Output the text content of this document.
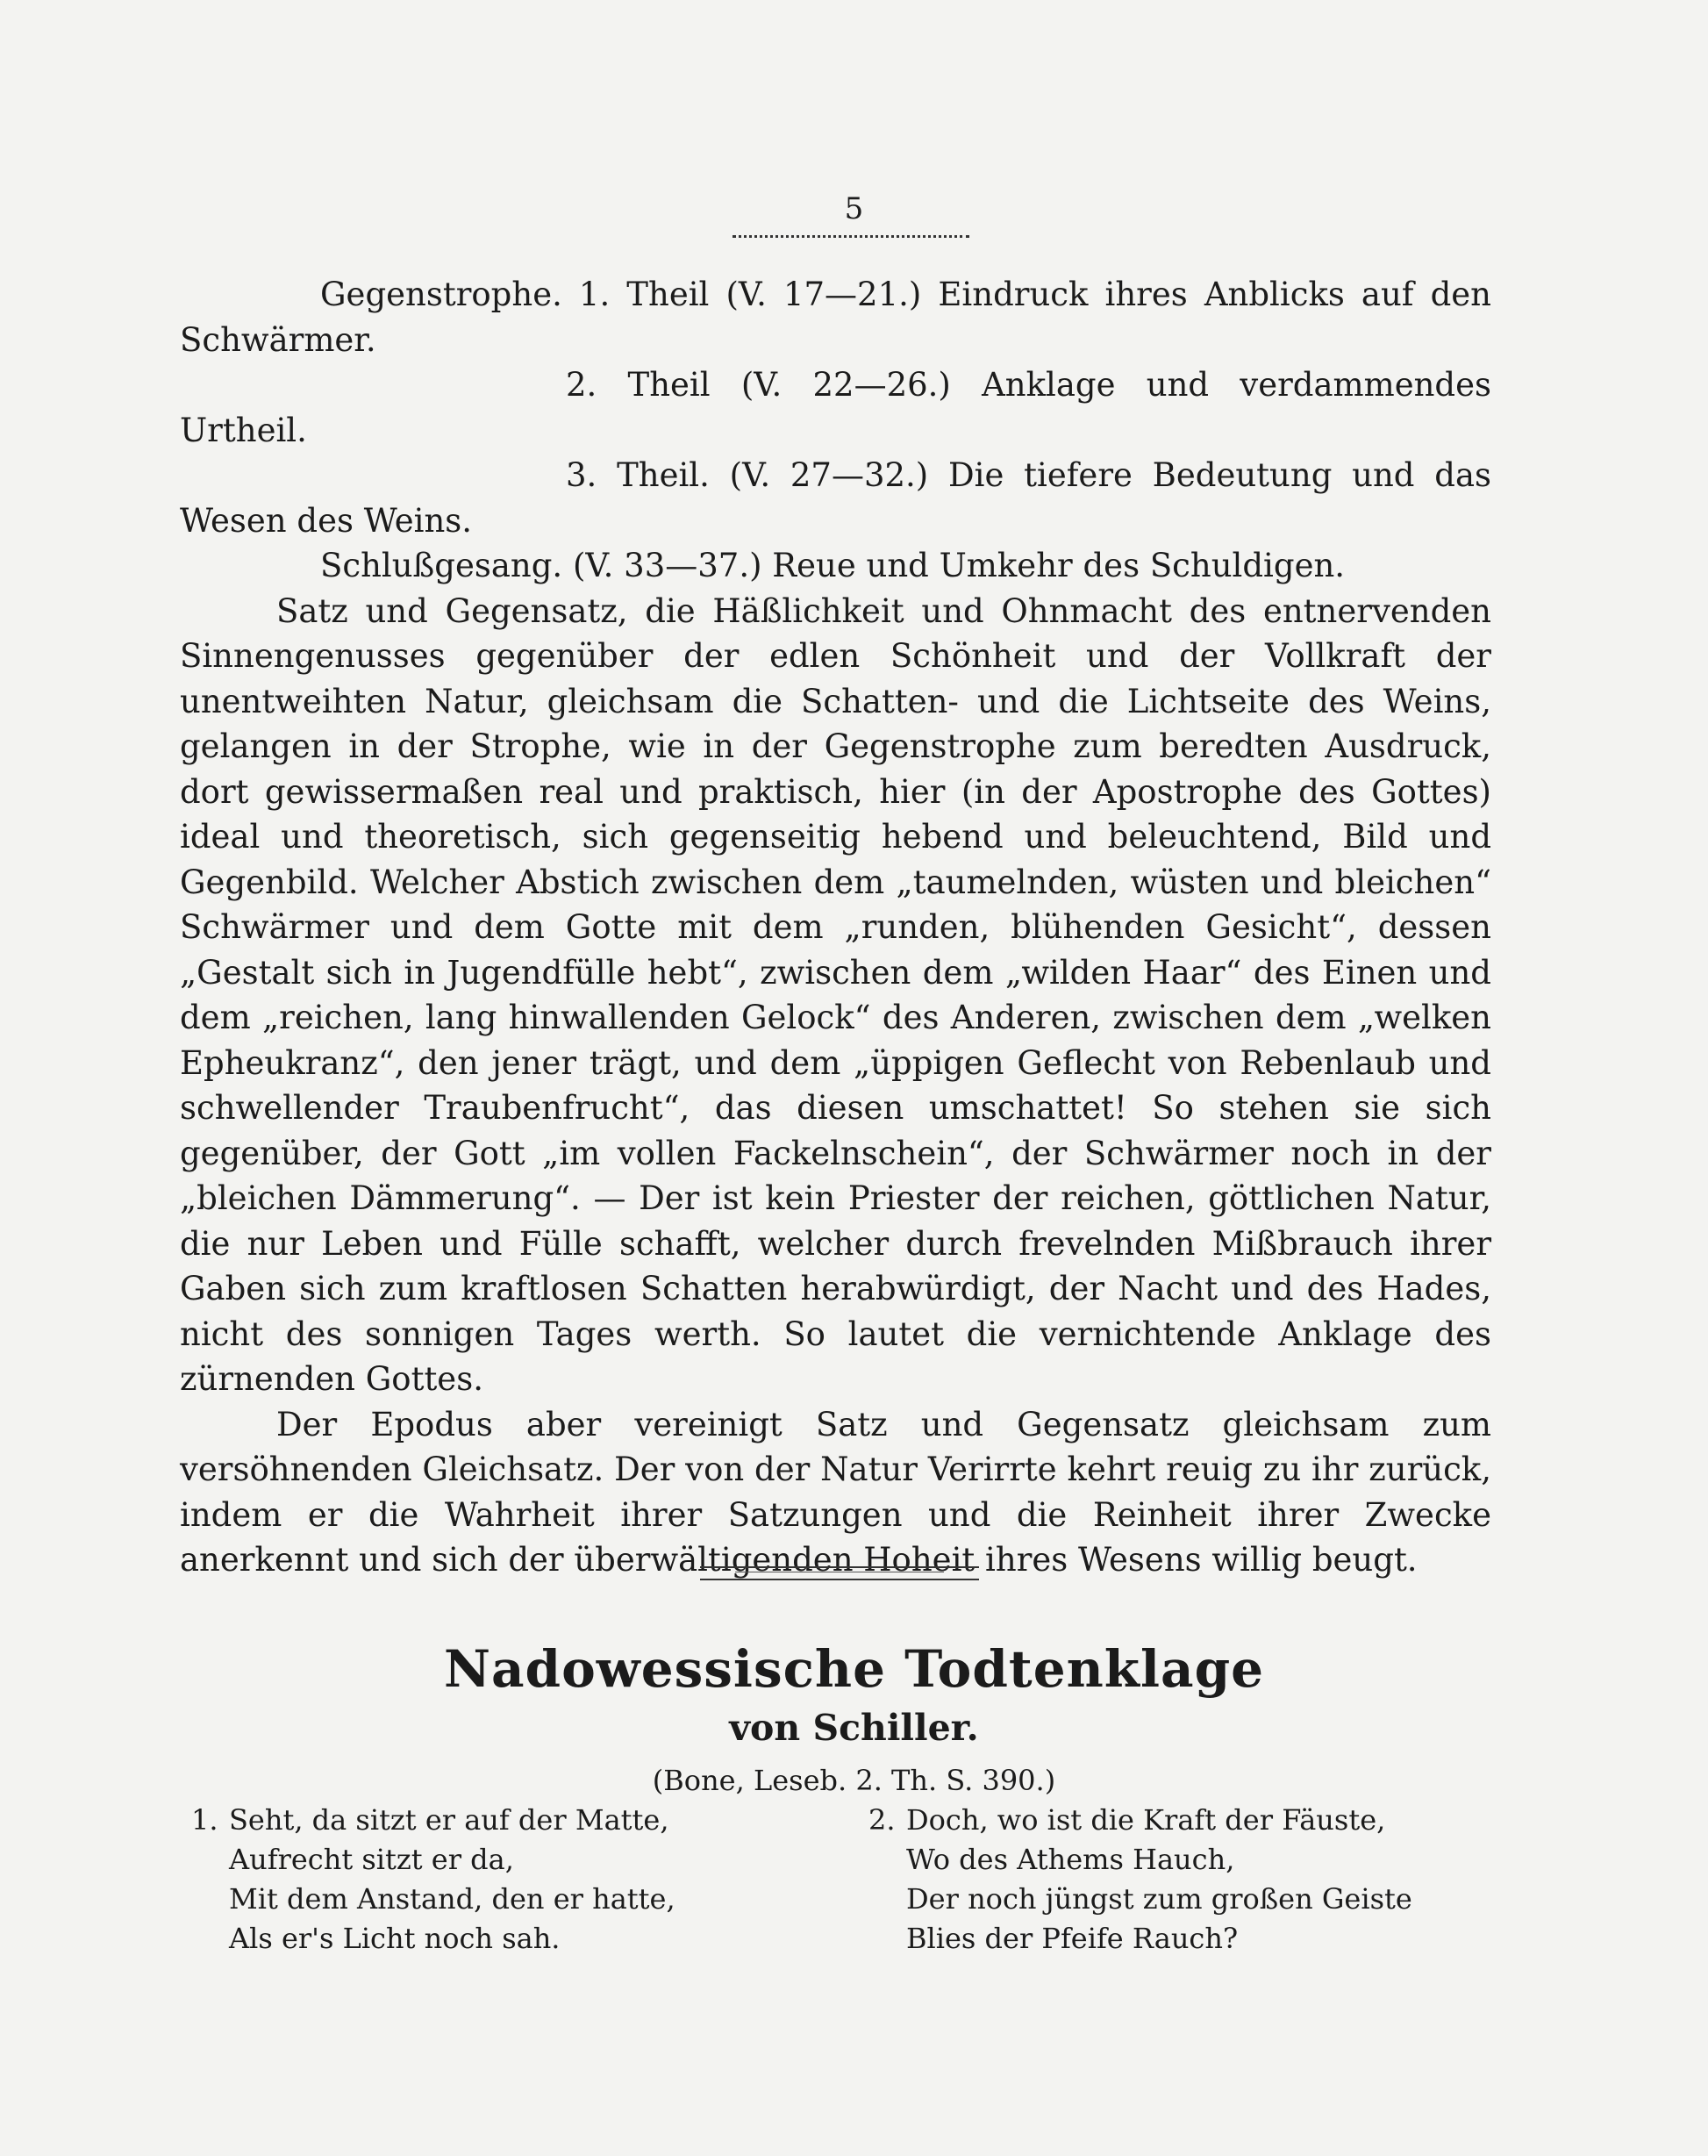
5

Gegenstrophe. 1. Theil (V. 17—21.) Eindruck ihres Anblicks auf den Schwärmer.

2. Theil (V. 22—26.) Anklage und verdammendes Urtheil.

3. Theil. (V. 27—32.) Die tiefere Bedeutung und das Wesen des Weins.

Schlußgesang. (V. 33—37.) Reue und Umkehr des Schuldigen.

Satz und Gegensatz, die Häßlichkeit und Ohnmacht des entnervenden Sinnengenusses gegenüber der edlen Schönheit und der Vollkraft der unentweihten Natur, gleichsam die Schatten- und die Lichtseite des Weins, gelangen in der Strophe, wie in der Gegenstrophe zum beredten Ausdruck, dort gewissermaßen real und praktisch, hier (in der Apostrophe des Gottes) ideal und theoretisch, sich gegenseitig hebend und beleuchtend, Bild und Gegenbild. Welcher Abstich zwischen dem „taumelnden, wüsten und bleichen“ Schwärmer und dem Gotte mit dem „runden, blühenden Gesicht“, dessen „Gestalt sich in Jugendfülle hebt“, zwischen dem „wilden Haar“ des Einen und dem „reichen, lang hinwallenden Gelock“ des Anderen, zwischen dem „welken Epheukranz“, den jener trägt, und dem „üppigen Geflecht von Rebenlaub und schwellender Traubenfrucht“, das diesen umschattet! So stehen sie sich gegenüber, der Gott „im vollen Fackelnschein“, der Schwärmer noch in der „bleichen Dämmerung“. — Der ist kein Priester der reichen, göttlichen Natur, die nur Leben und Fülle schafft, welcher durch frevelnden Mißbrauch ihrer Gaben sich zum kraftlosen Schatten herabwürdigt, der Nacht und des Hades, nicht des sonnigen Tages werth. So lautet die vernichtende Anklage des zürnenden Gottes.

Der Epodus aber vereinigt Satz und Gegensatz gleichsam zum versöhnenden Gleichsatz. Der von der Natur Verirrte kehrt reuig zu ihr zurück, indem er die Wahrheit ihrer Satzungen und die Reinheit ihrer Zwecke anerkennt und sich der überwältigenden Hoheit ihres Wesens willig beugt.

Nadowessische Todtenklage
von Schiller.
(Bone, Leseb. 2. Th. S. 390.)
1. Seht, da sitzt er auf der Matte,
Aufrecht sitzt er da,
Mit dem Anstand, den er hatte,
Als er's Licht noch sah.
2. Doch, wo ist die Kraft der Fäuste,
Wo des Athems Hauch,
Der noch jüngst zum großen Geiste
Blies der Pfeife Rauch?
